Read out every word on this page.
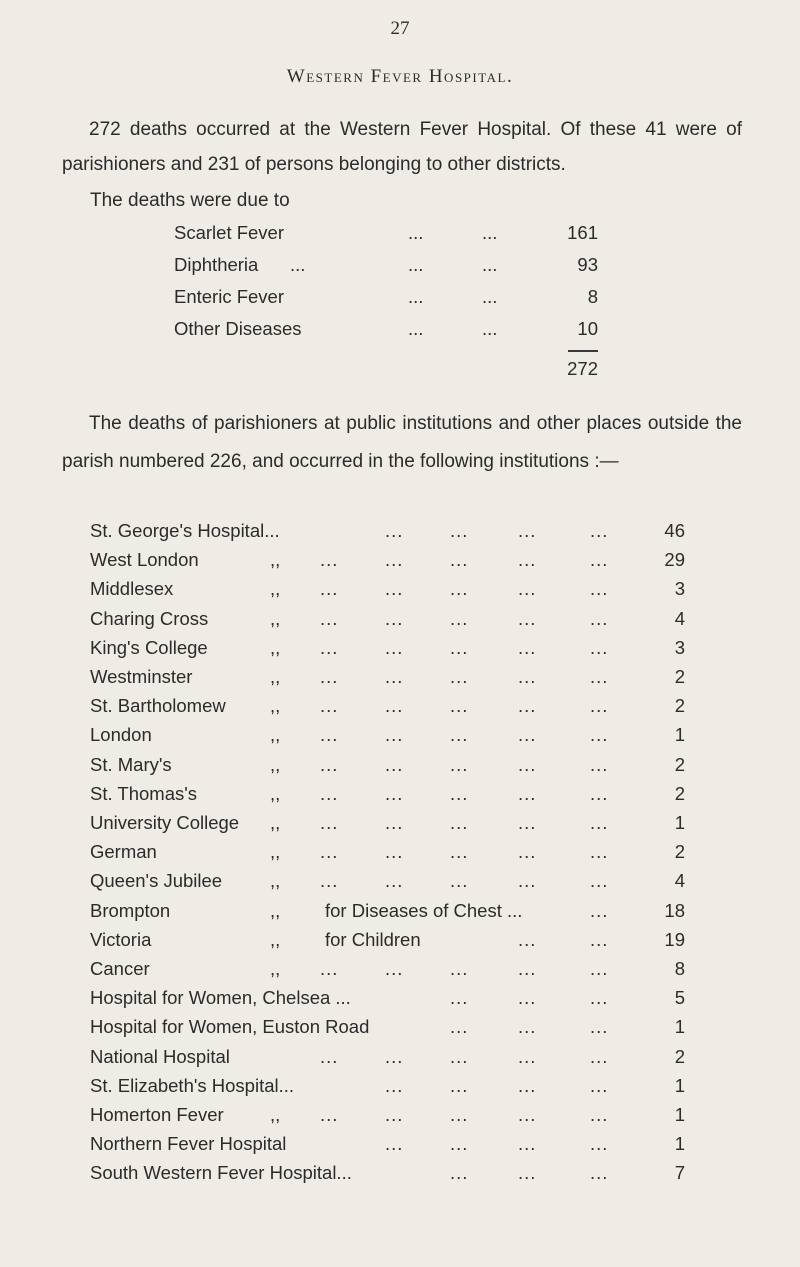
27
Western Fever Hospital.
272 deaths occurred at the Western Fever Hospital. Of these 41 were of parishioners and 231 of persons belonging to other districts.
The deaths were due to
Scarlet Fever	...	...	161
Diphtheria ...	...	...	93
Enteric Fever	...	...	8
Other Diseases	...	...	10
272
The deaths of parishioners at public institutions and other places outside the parish numbered 226, and occurred in the following institutions :—
St. George's Hospital...	...	...	...	...	46
West London	,, ...	...	...	...	...	29
Middlesex	,, ...	...	...	...	...	3
Charing Cross	,, ...	...	...	...	...	4
King's College	,, ...	...	...	...	...	3
Westminster	,, ...	...	...	...	...	2
St. Bartholomew ,, ...	...	...	...	...	2
London	,, ...	...	...	...	...	1
St. Mary's	,, ...	...	...	...	...	2
St. Thomas's	,, ...	...	...	...	...	2
University College ,, ...	...	...	...	...	1
German	,, ...	...	...	...	...	2
Queen's Jubilee	,, ...	...	...	...	...	4
Brompton	,, for Diseases of Chest ...	...	18
Victoria	,, for Children	...	...	19
Cancer	,, ...	...	...	...	...	8
Hospital for Women, Chelsea ...	...	...	...	5
Hospital for Women, Euston Road	...	...	...	1
National Hospital	...	...	...	...	...	2
St. Elizabeth's Hospital...	...	...	...	...	1
Homerton Fever	,, ...	...	...	...	...	1
Northern Fever Hospital	...	...	...	...	1
South Western Fever Hospital...	...	...	...	7
